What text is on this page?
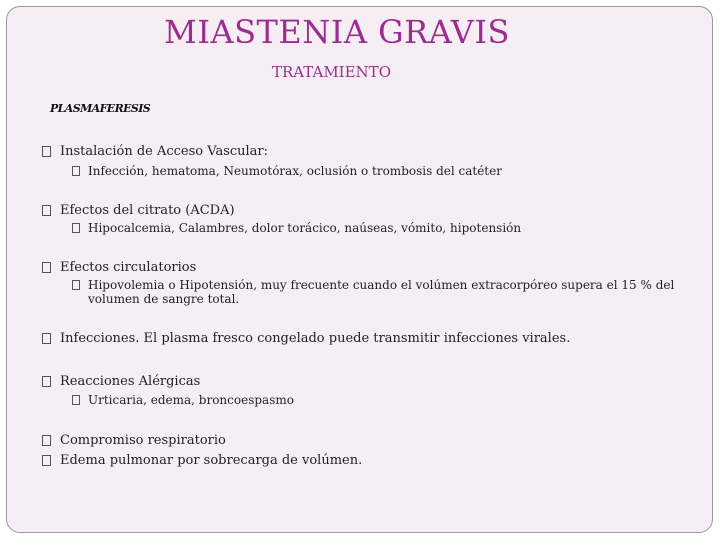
MIASTENIA GRAVIS
TRATAMIENTO
PLASMAFERESIS
Instalación de Acceso Vascular:
Infección, hematoma, Neumotórax, oclusión o trombosis del catéter
Efectos del citrato (ACDA)
Hipocalcemia, Calambres, dolor torácico, naúseas, vómito, hipotensión
Efectos circulatorios
Hipovolemia o Hipotensión, muy frecuente cuando el volúmen extracorpóreo supera el 15 % del volumen de sangre total.
Infecciones. El plasma fresco congelado puede transmitir infecciones virales.
Reacciones Alérgicas
Urticaria, edema, broncoespasmo
Compromiso respiratorio
Edema pulmonar por sobrecarga de volúmen.
